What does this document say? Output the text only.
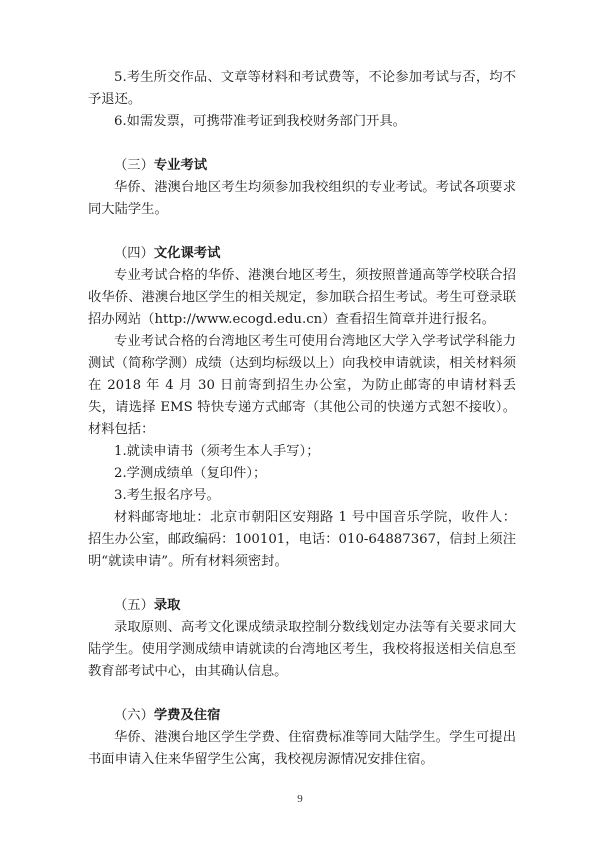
5.考生所交作品、文章等材料和考试费等，不论参加考试与否，均不予退还。

6.如需发票，可携带准考证到我校财务部门开具。

（三）专业考试

华侨、港澳台地区考生均须参加我校组织的专业考试。考试各项要求同大陆学生。

（四）文化课考试

专业考试合格的华侨、港澳台地区考生，须按照普通高等学校联合招收华侨、港澳台地区学生的相关规定，参加联合招生考试。考生可登录联招办网站（http://www.ecogd.edu.cn）查看招生简章并进行报名。

专业考试合格的台湾地区考生可使用台湾地区大学入学考试学科能力测试（简称学测）成绩（达到均标级以上）向我校申请就读，相关材料须在 2018 年 4 月 30 日前寄到招生办公室，为防止邮寄的申请材料丢失，请选择 EMS 特快专递方式邮寄（其他公司的快递方式恕不接收）。材料包括：

1.就读申请书（须考生本人手写）；

2.学测成绩单（复印件）；

3.考生报名序号。

材料邮寄地址：北京市朝阳区安翔路 1 号中国音乐学院，收件人：招生办公室，邮政编码：100101，电话：010-64887367，信封上须注明“就读申请”。所有材料须密封。

（五）录取

录取原则、高考文化课成绩录取控制分数线划定办法等有关要求同大陆学生。使用学测成绩申请就读的台湾地区考生，我校将报送相关信息至教育部考试中心，由其确认信息。

（六）学费及住宿

华侨、港澳台地区学生学费、住宿费标准等同大陆学生。学生可提出书面申请入住来华留学生公寓，我校视房源情况安排住宿。

9
